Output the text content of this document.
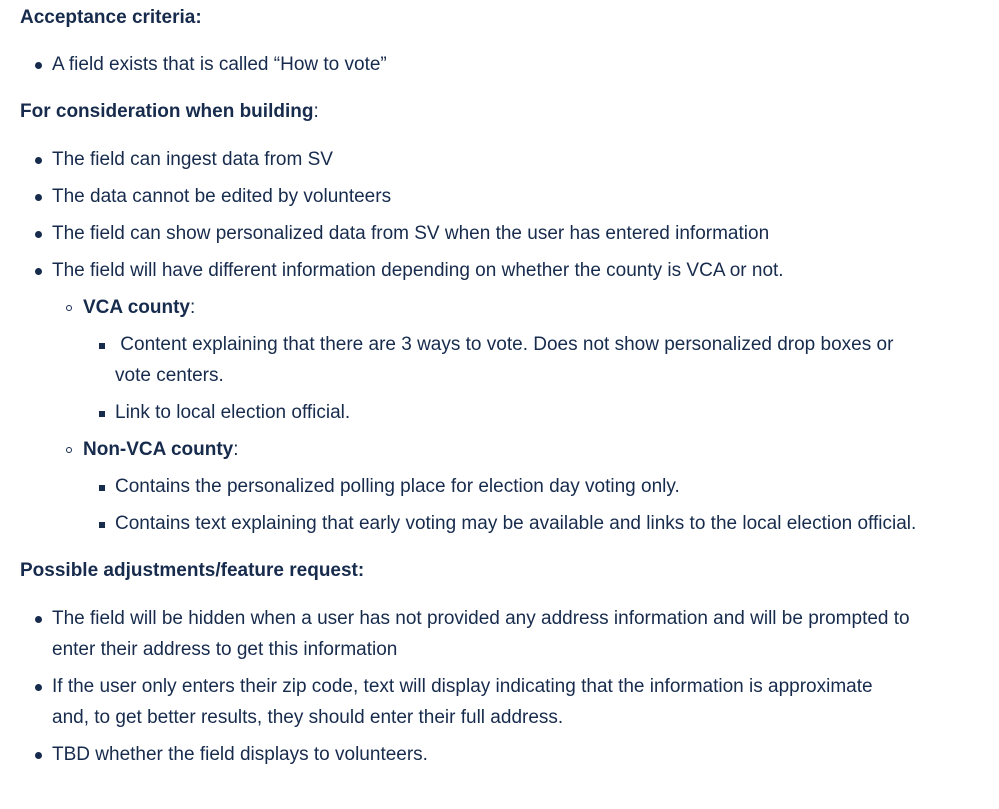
Acceptance criteria:
A field exists that is called “How to vote”
For consideration when building:
The field can ingest data from SV
The data cannot be edited by volunteers
The field can show personalized data from SV when the user has entered information
The field will have different information depending on whether the county is VCA or not.
VCA county:
Content explaining that there are 3 ways to vote. Does not show personalized drop boxes or
vote centers.
Link to local election official.
Non-VCA county:
Contains the personalized polling place for election day voting only.
Contains text explaining that early voting may be available and links to the local election official.
Possible adjustments/feature request:
The field will be hidden when a user has not provided any address information and will be prompted to
enter their address to get this information
If the user only enters their zip code, text will display indicating that the information is approximate
and, to get better results, they should enter their full address.
TBD whether the field displays to volunteers.
